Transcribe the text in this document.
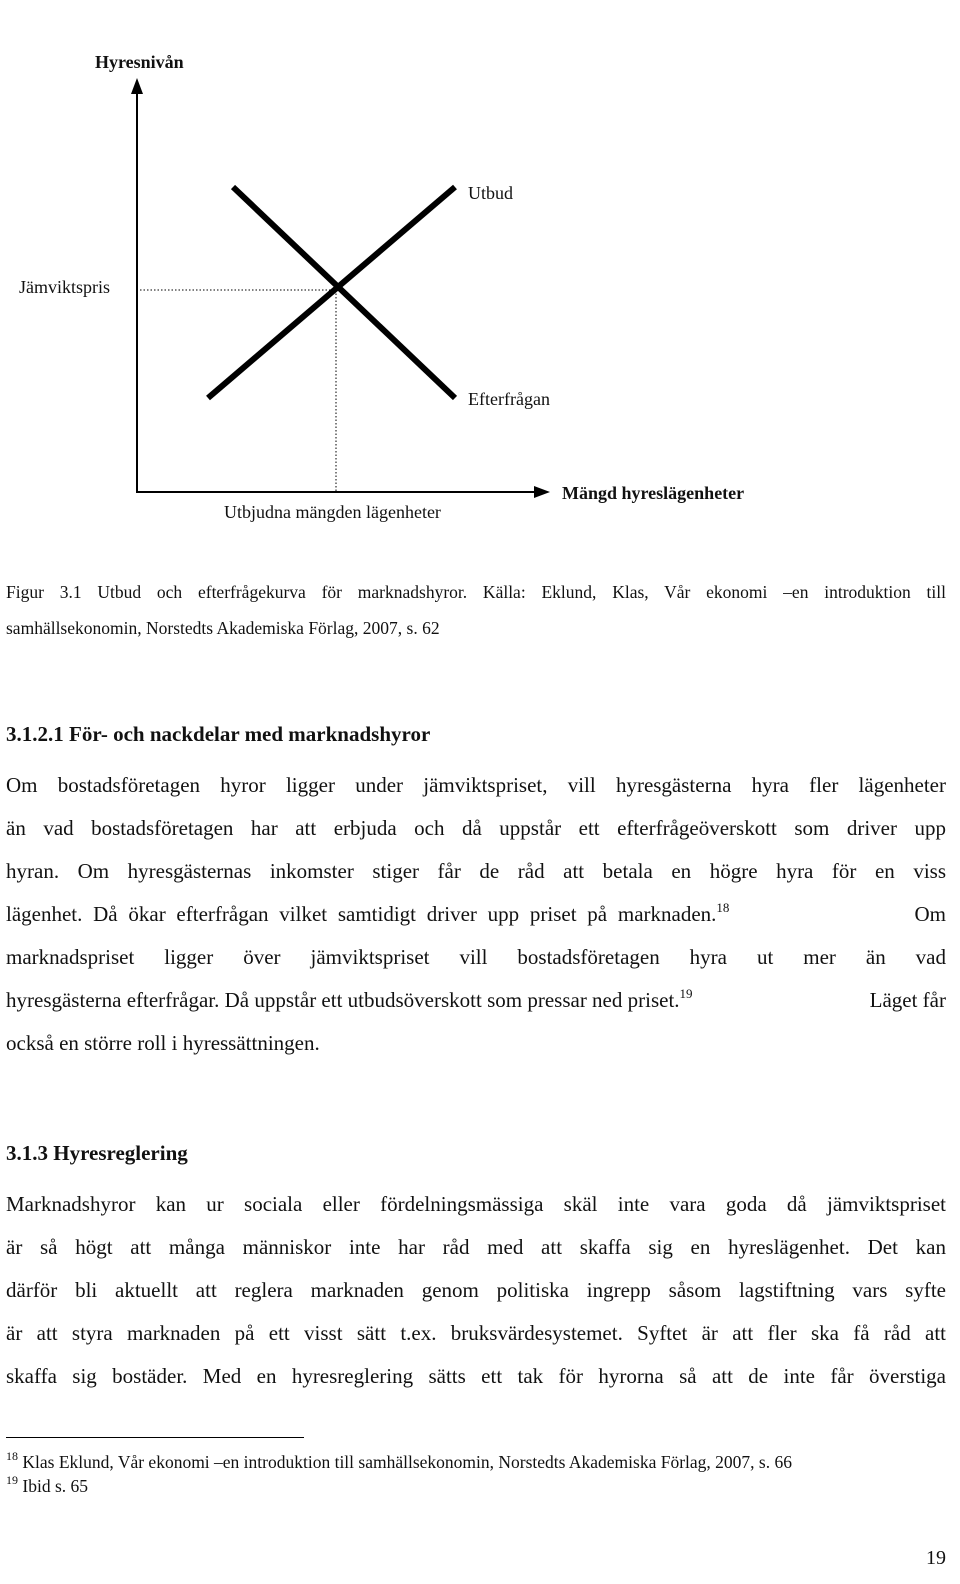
Hyresnivån
Utbud
Jämviktspris
Efterfrågan
Mängd hyreslägenheter
Utbjudna mängden lägenheter
Figur 3.1 Utbud och efterfrågekurva för marknadshyror. Källa: Eklund, Klas, Vår ekonomi –en introduktion till
samhällsekonomin, Norstedts Akademiska Förlag, 2007, s. 62
3.1.2.1 För- och nackdelar med marknadshyror
Om bostadsföretagen hyror ligger under jämviktspriset, vill hyresgästerna hyra fler lägenheter
än vad bostadsföretagen har att erbjuda och då uppstår ett efterfrågeöverskott som driver upp
hyran. Om hyresgästernas inkomster stiger får de råd att betala en högre hyra för en viss
lägenhet. Då ökar efterfrågan vilket samtidigt driver upp priset på marknaden.$^{18}$	Om
marknadspriset ligger över jämviktspriset vill bostadsföretagen hyra ut mer än vad
hyresgästerna efterfrågar. Då uppstår ett utbudsöverskott som pressar ned priset.$^{19}$	Läget får
också en större roll i hyressättningen.
3.1.3 Hyresreglering
Marknadshyror kan ur sociala eller fördelningsmässiga skäl inte vara goda då jämviktspriset
är så högt att många människor inte har råd med att skaffa sig en hyreslägenhet. Det kan
därför bli aktuellt att reglera marknaden genom politiska ingrepp såsom lagstiftning vars syfte
är att styra marknaden på ett visst sätt t.ex. bruksvärdesystemet. Syftet är att fler ska få råd att
skaffa sig bostäder. Med en hyresreglering sätts ett tak för hyrorna så att de inte får överstiga
$^{18}$ Klas Eklund, Vår ekonomi –en introduktion till samhällsekonomin, Norstedts Akademiska Förlag, 2007, s. 66
$^{19}$ Ibid s. 65
19
